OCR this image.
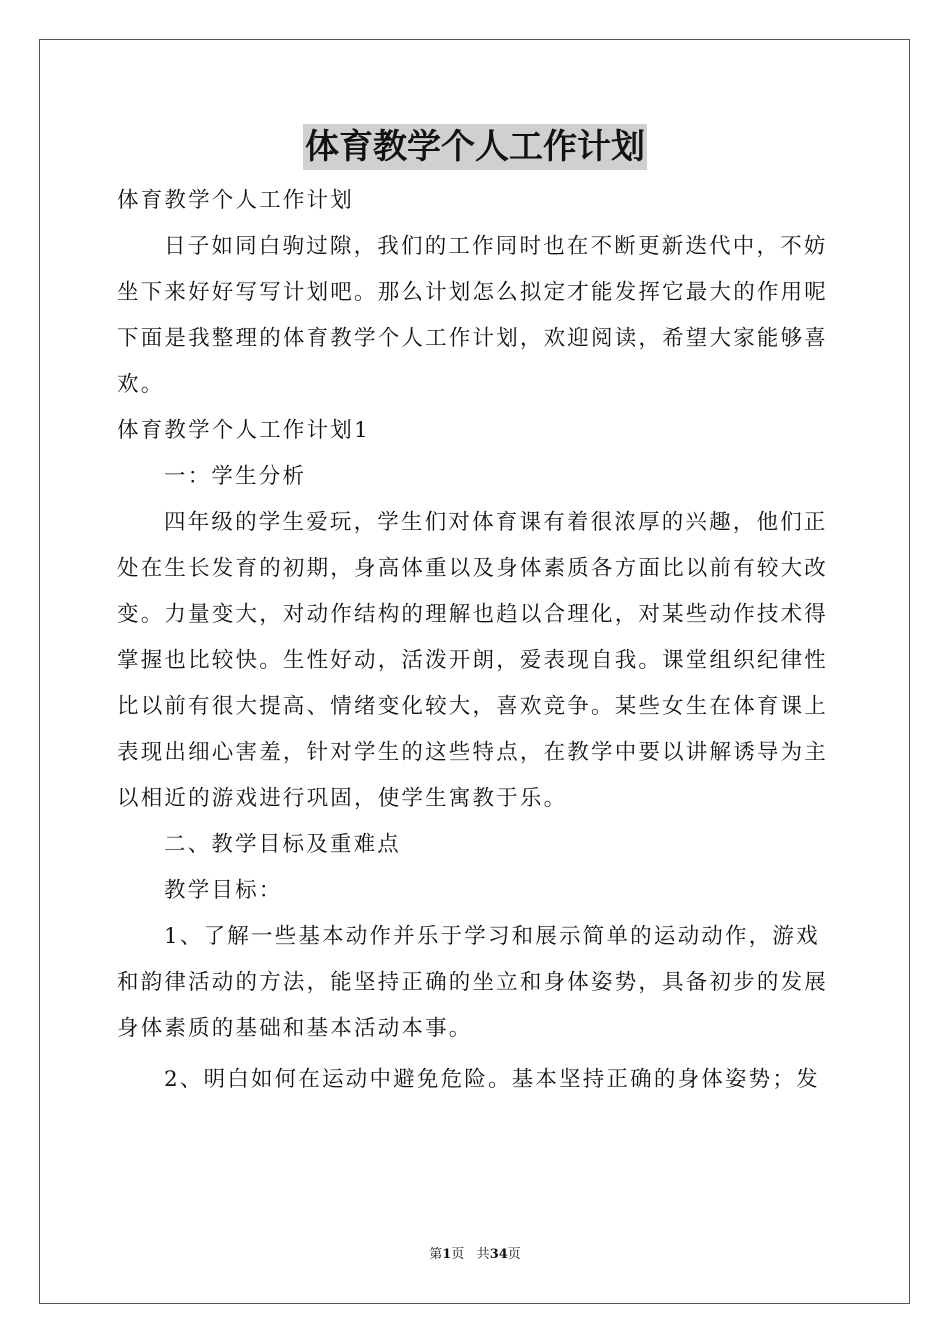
体育教学个人工作计划
体育教学个人工作计划
日子如同白驹过隙，我们的工作同时也在不断更新迭代中，不妨
坐下来好好写写计划吧。那么计划怎么拟定才能发挥它最大的作用呢
下面是我整理的体育教学个人工作计划，欢迎阅读，希望大家能够喜
欢。
体育教学个人工作计划1
一：学生分析
四年级的学生爱玩，学生们对体育课有着很浓厚的兴趣，他们正
处在生长发育的初期，身高体重以及身体素质各方面比以前有较大改
变。力量变大，对动作结构的理解也趋以合理化，对某些动作技术得
掌握也比较快。生性好动，活泼开朗，爱表现自我。课堂组织纪律性
比以前有很大提高、情绪变化较大，喜欢竞争。某些女生在体育课上
表现出细心害羞，针对学生的这些特点，在教学中要以讲解诱导为主
以相近的游戏进行巩固，使学生寓教于乐。
二、教学目标及重难点
教学目标：
1、了解一些基本动作并乐于学习和展示简单的运动动作，游戏
和韵律活动的方法，能坚持正确的坐立和身体姿势，具备初步的发展
身体素质的基础和基本活动本事。
2、明白如何在运动中避免危险。基本坚持正确的身体姿势；发
第1页 共34页
